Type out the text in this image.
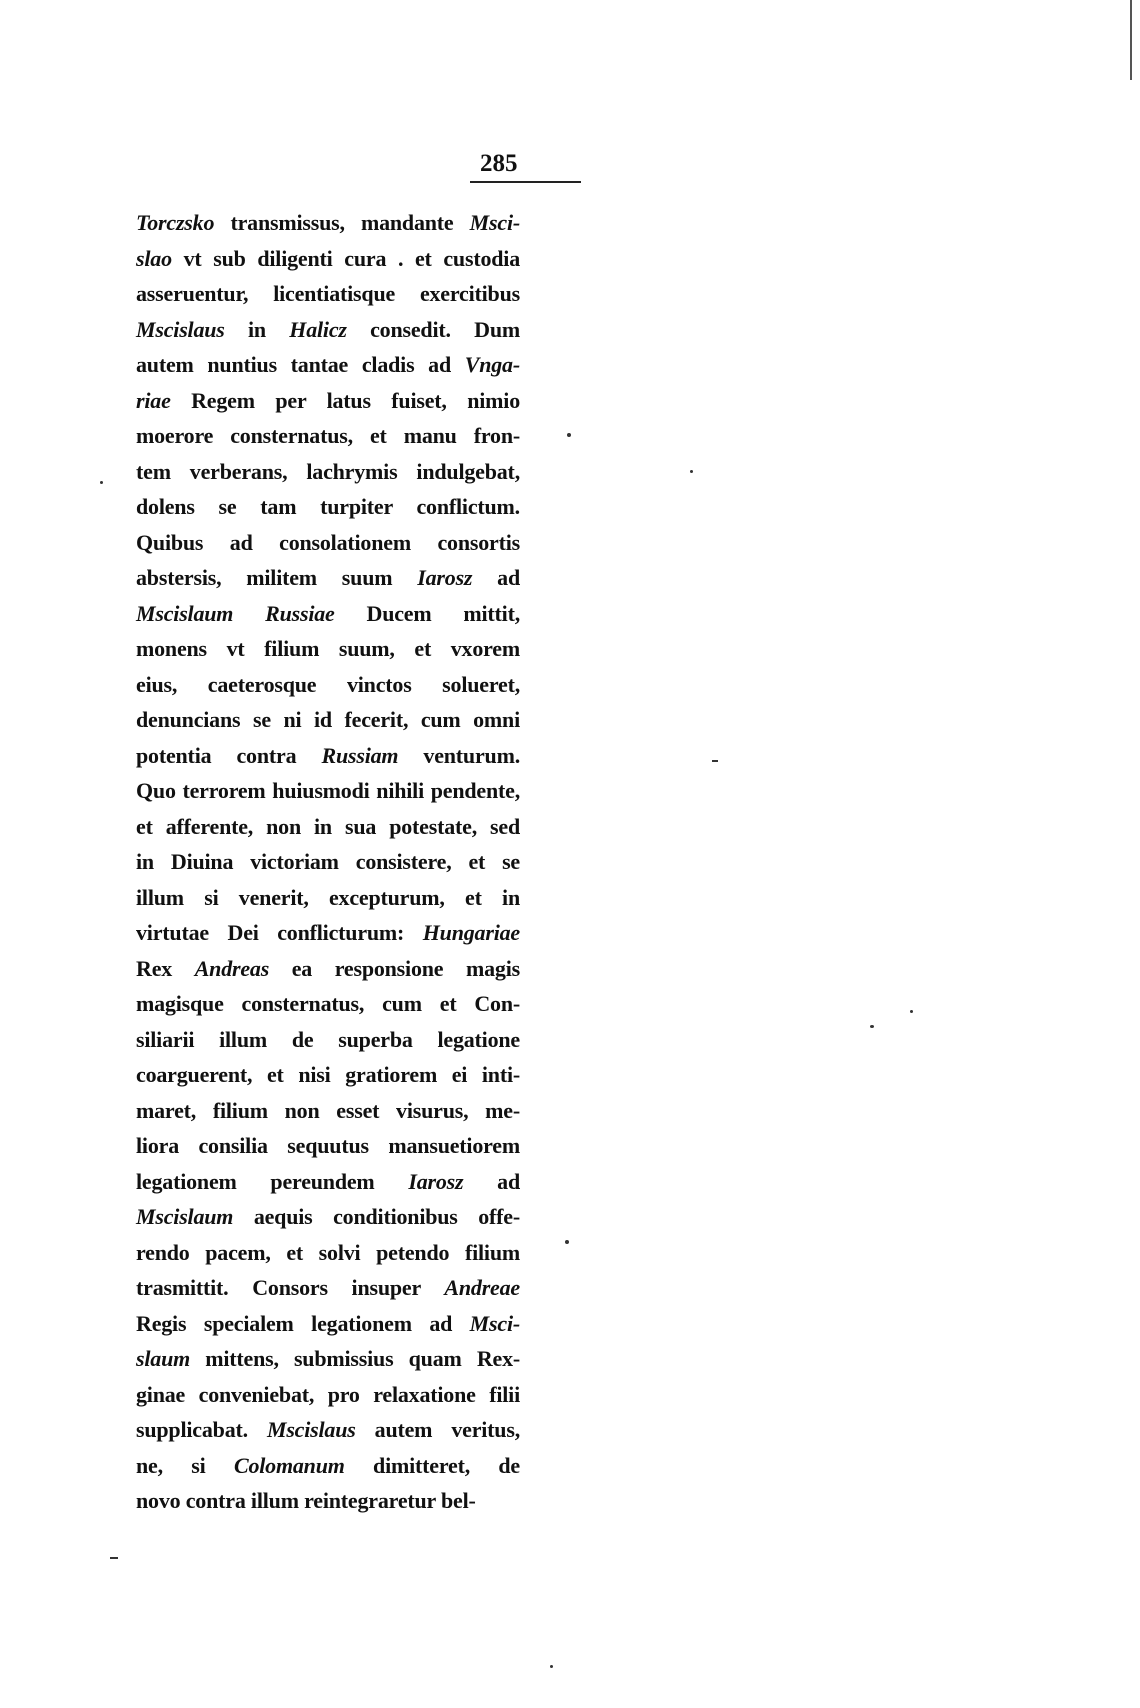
285
Torczsko transmissus, mandante Msci-
slao vt sub diligenti cura . et custodia
asseruentur, licentiatisque exercitibus
Mscislaus in Halicz consedit. Dum
autem nuntius tantae cladis ad Vnga-
riae Regem per latus fuiset, nimio
moerore consternatus, et manu fron-
tem verberans, lachrymis indulgebat,
dolens se tam turpiter conflictum.
Quibus ad consolationem consortis
abstersis, militem suum Iarosz ad
Mscislaum Russiae Ducem mittit,
monens vt filium suum, et vxorem
eius, caeterosque vinctos solueret,
denuncians se ni id fecerit, cum omni
potentia contra Russiam venturum.
Quo terrorem huiusmodi nihili pendente,
et afferente, non in sua potestate, sed
in Diuina victoriam consistere, et se
illum si venerit, excepturum, et in
virtutae Dei conflicturum: Hungariae
Rex Andreas ea responsione magis
magisque consternatus, cum et Con-
siliarii illum de superba legatione
coarguerent, et nisi gratiorem ei inti-
maret, filium non esset visurus, me-
liora consilia sequutus mansuetiorem
legationem pereundem Iarosz ad
Mscislaum aequis conditionibus offe-
rendo pacem, et solvi petendo filium
trasmittit. Consors insuper Andreae
Regis specialem legationem ad Msci-
slaum mittens, submissius quam Rex-
ginae conveniebat, pro relaxatione filii
supplicabat. Mscislaus autem veritus,
ne, si Colomanum dimitteret, de
novo contra illum reintegraretur bel-
